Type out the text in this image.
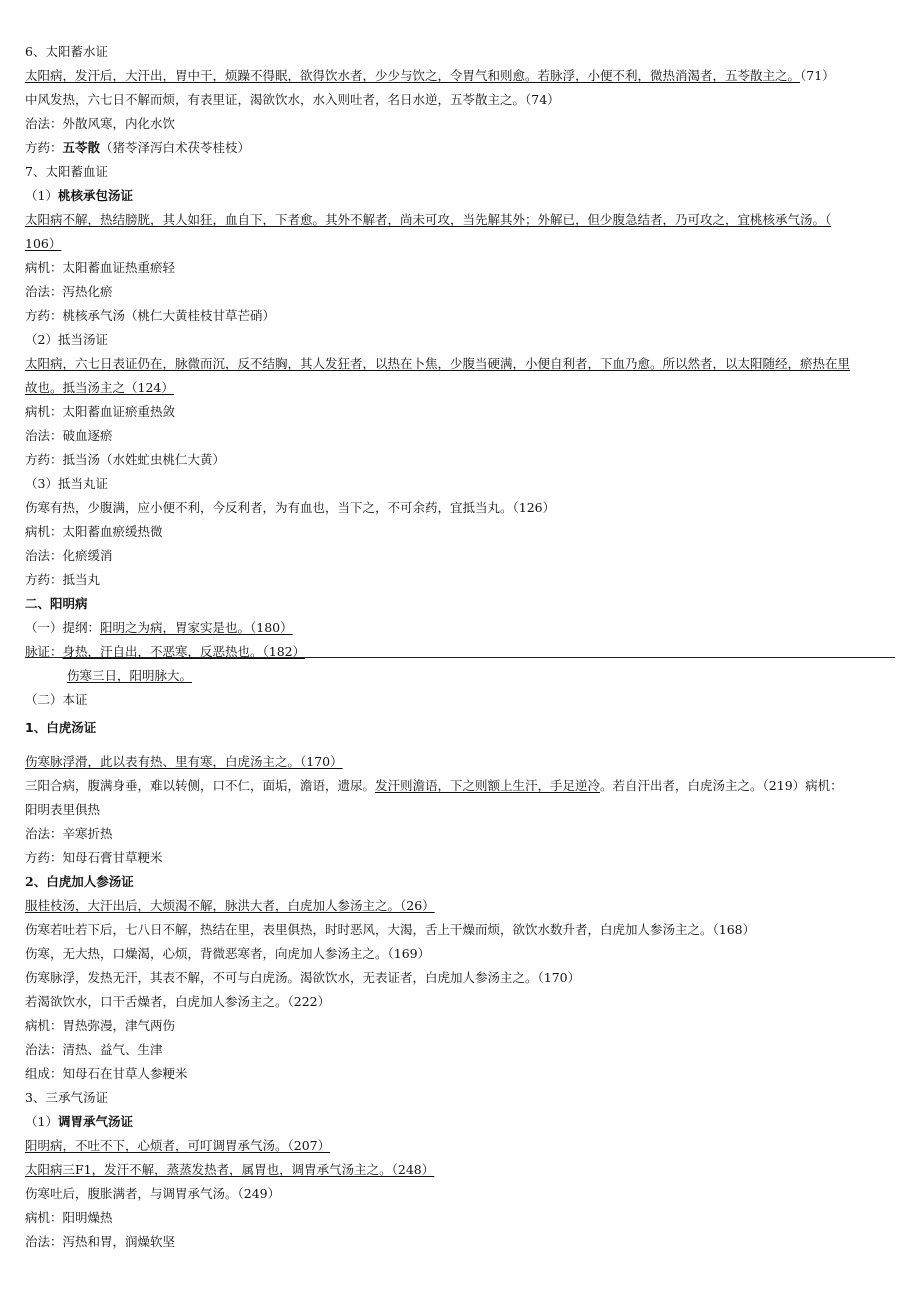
6、太阳蓄水证
太阳病，发汗后，大汗出，胃中干，烦躁不得眠，欲得饮水者，少少与饮之，令胃气和则愈。若脉浮，小便不利，微热消渴者，五苓散主之。（71）
中风发热，六七日不解而烦，有表里证，渴欲饮水，水入则吐者，名日水逆，五苓散主之。（74）
治法：外散风寒，内化水饮
方药：五苓散（猪苓泽泻白术茯苓桂枝）
7、太阳蓄血证
（1）桃核承包汤证
太阳病不解，热结膀胱，其人如狂，血自下，下者愈。其外不解者，尚未可攻，当先解其外；外解已，但少腹急结者，乃可攻之，宜桃核承气汤。（
106）
病机：太阳蓄血证热重瘀轻
治法：泻热化瘀
方药：桃核承气汤（桃仁大黄桂枝甘草芒硝）
（2）抵当汤证
太阳病，六七日表证仍在，脉微而沉，反不结胸，其人发狂者，以热在卜焦，少腹当硬满，小便自利者，下血乃愈。所以然者，以太阳随经，瘀热在里
故也。抵当汤主之（124）
病机：太阳蓄血证瘀重热敛
治法：破血逐瘀
方药：抵当汤（水姓虻虫桃仁大黄）
（3）抵当丸证
伤寒有热，少腹满，应小便不利，今反利者，为有血也，当下之，不可余药，宜抵当丸。（126）
病机：太阳蓄血瘀缓热微
治法：化瘀缓消
方药：抵当丸
二、阳明病
（一）提纲：阳明之为病，胃家实是也。（180）
脉证：身热，汗自出，不恶寒，反恶热也。（182）
伤寒三日，阳明脉大。
（二）本证
1、白虎汤证
伤寒脉浮滑，此以表有热、里有寒，白虎汤主之。（170）
三阳合病，腹满身垂，难以转侧，口不仁，面垢，澹语，遗尿。发汗则澹语，下之则额上生汗，手足逆冷。若自汗出者，白虎汤主之。（219）病机：
阳明表里俱热
治法：辛寒折热
方药：知母石膏甘草粳米
2、白虎加人参汤证
服桂枝汤，大汗出后，大烦渴不解，脉洪大者，白虎加人参汤主之。（26）
伤寒若吐若下后，七八日不解，热结在里，表里俱热，时时恶风，大渴，舌上干燥而烦，欲饮水数升者，白虎加人参汤主之。（168）
伤寒，无大热，口燥渴，心烦，背微恶寒者，向虎加人参汤主之。（169）
伤寒脉浮，发热无汗，其表不解，不可与白虎汤。渴欲饮水，无表证者，白虎加人参汤主之。（170）
若渴欲饮水，口干舌燥者，白虎加人参汤主之。（222）
病机：胃热弥漫，津气两伤
治法：清热、益气、生津
组成：知母石在甘草人参粳米
3、三承气汤证
（1）调胃承气汤证
阳明病，不吐不下，心烦者，可叮调胃承气汤。（207）
太阳病三F1，发汗不解，蒸蒸发热者，属胃也，调胄承气汤主之。（248）
伤寒吐后，腹胀满者，与调胃承气汤。（249）
病机：阳明燥热
治法：泻热和胃，润燥软坚
